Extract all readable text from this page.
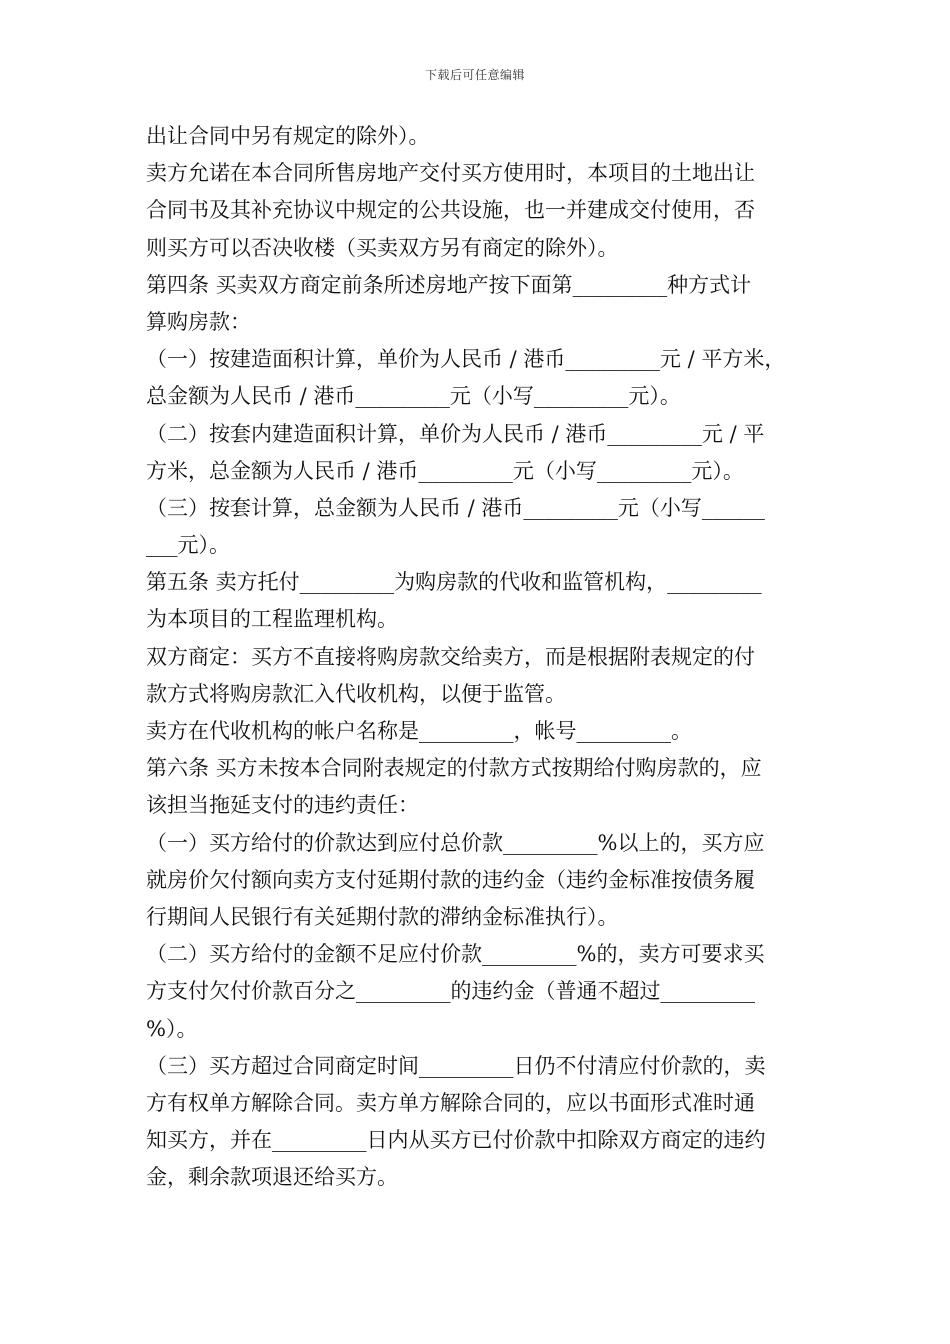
下载后可任意编辑
出让合同中另有规定的除外）。
卖方允诺在本合同所售房地产交付买方使用时，本项目的土地出让
合同书及其补充协议中规定的公共设施，也一并建成交付使用，否
则买方可以否决收楼（买卖双方另有商定的除外）。
第四条 买卖双方商定前条所述房地产按下面第_________种方式计
算购房款：
（一）按建造面积计算，单价为人民币 / 港币_________元 / 平方米，
总金额为人民币 / 港币_________元（小写_________元）。
（二）按套内建造面积计算，单价为人民币 / 港币_________元 / 平
方米，总金额为人民币 / 港币_________元（小写_________元）。
（三）按套计算，总金额为人民币 / 港币_________元（小写______
___元）。
第五条 卖方托付_________为购房款的代收和监管机构，_________
为本项目的工程监理机构。
双方商定：买方不直接将购房款交给卖方，而是根据附表规定的付
款方式将购房款汇入代收机构，以便于监管。
卖方在代收机构的帐户名称是_________，帐号_________。
第六条 买方未按本合同附表规定的付款方式按期给付购房款的，应
该担当拖延支付的违约责任：
（一）买方给付的价款达到应付总价款_________%以上的，买方应
就房价欠付额向卖方支付延期付款的违约金（违约金标准按债务履
行期间人民银行有关延期付款的滞纳金标准执行）。
（二）买方给付的金额不足应付价款_________%的，卖方可要求买
方支付欠付价款百分之_________的违约金（普通不超过_________
%）。
（三）买方超过合同商定时间_________日仍不付清应付价款的，卖
方有权单方解除合同。卖方单方解除合同的，应以书面形式准时通
知买方，并在_________日内从买方已付价款中扣除双方商定的违约
金，剩余款项退还给买方。
